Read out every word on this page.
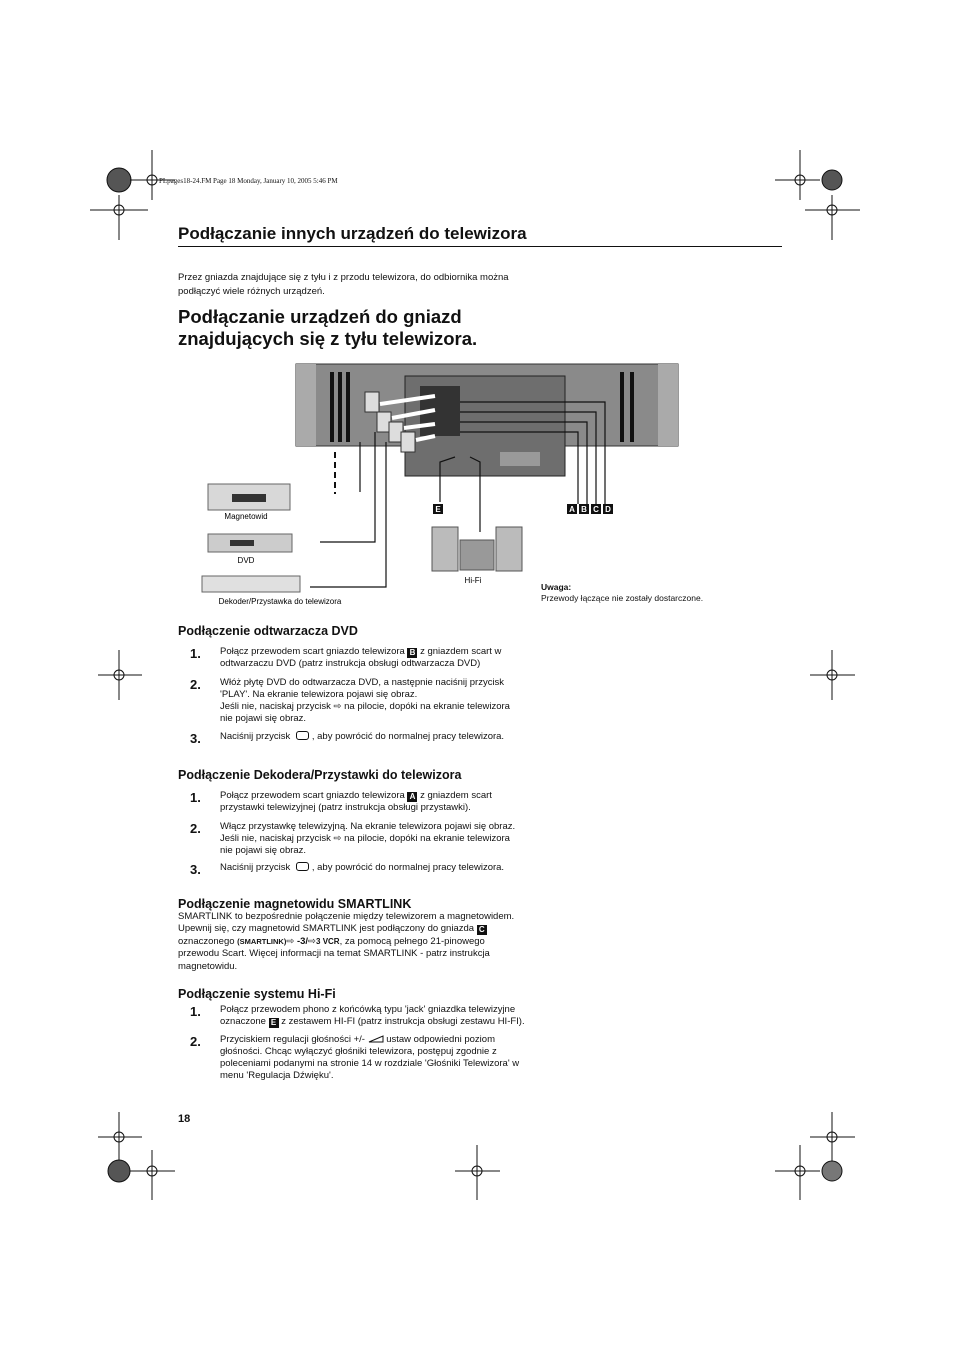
PLpages18-24.FM Page 18 Monday, January 10, 2005 5:46 PM
Podłączanie innych urządzeń do telewizora
Przez gniazda znajdujące się z tyłu i z przodu telewizora, do odbiornika można
podłączyć wiele różnych urządzeń.
Podłączanie urządzeń do gniazd
znajdujących się z tyłu telewizora.
E	A B C D
Magnetowid
DVD
Dekoder/Przystawka do telewizora
Hi-Fi
Uwaga:
Przewody łączące nie zostały dostarczone.
Podłączenie odtwarzacza DVD
1. Połącz przewodem scart gniazdo telewizora B z gniazdem scart w
odtwarzaczu DVD (patrz instrukcja obsługi odtwarzacza DVD)
2. Włóż płytę DVD do odtwarzacza DVD, a następnie naciśnij przycisk
'PLAY'. Na ekranie telewizora pojawi się obraz.
Jeśli nie, naciskaj przycisk ⇨ na pilocie, dopóki na ekranie telewizora
nie pojawi się obraz.
3. Naciśnij przycisk , aby powrócić do normalnej pracy telewizora.
Podłączenie Dekodera/Przystawki do telewizora
1. Połącz przewodem scart gniazdo telewizora A z gniazdem scart
przystawki telewizyjnej (patrz instrukcja obsługi przystawki).
2. Włącz przystawkę telewizyjną. Na ekranie telewizora pojawi się obraz.
Jeśli nie, naciskaj przycisk ⇨ na pilocie, dopóki na ekranie telewizora
nie pojawi się obraz.
3. Naciśnij przycisk , aby powrócić do normalnej pracy telewizora.
Podłączenie magnetowidu SMARTLINK
SMARTLINK to bezpośrednie połączenie między telewizorem a magnetowidem.
Upewnij się, czy magnetowid SMARTLINK jest podłączony do gniazda C
oznaczonego (SMARTLINK)⇨ -3/⇨3 VCR, za pomocą pełnego 21-pinowego
przewodu Scart. Więcej informacji na temat SMARTLINK - patrz instrukcja
magnetowidu.
Podłączenie systemu Hi-Fi
1. Połącz przewodem phono z końcówką typu 'jack' gniazdka telewizyjne
oznaczone E z zestawem HI-FI (patrz instrukcja obsługi zestawu HI-FI).
2. Przyciskiem regulacji głośności +/-  ustaw odpowiedni poziom
głośności. Chcąc wyłączyć głośniki telewizora, postępuj zgodnie z
poleceniami podanymi na stronie 14 w rozdziale 'Głośniki Telewizora' w
menu 'Regulacja Dźwięku'.
18
